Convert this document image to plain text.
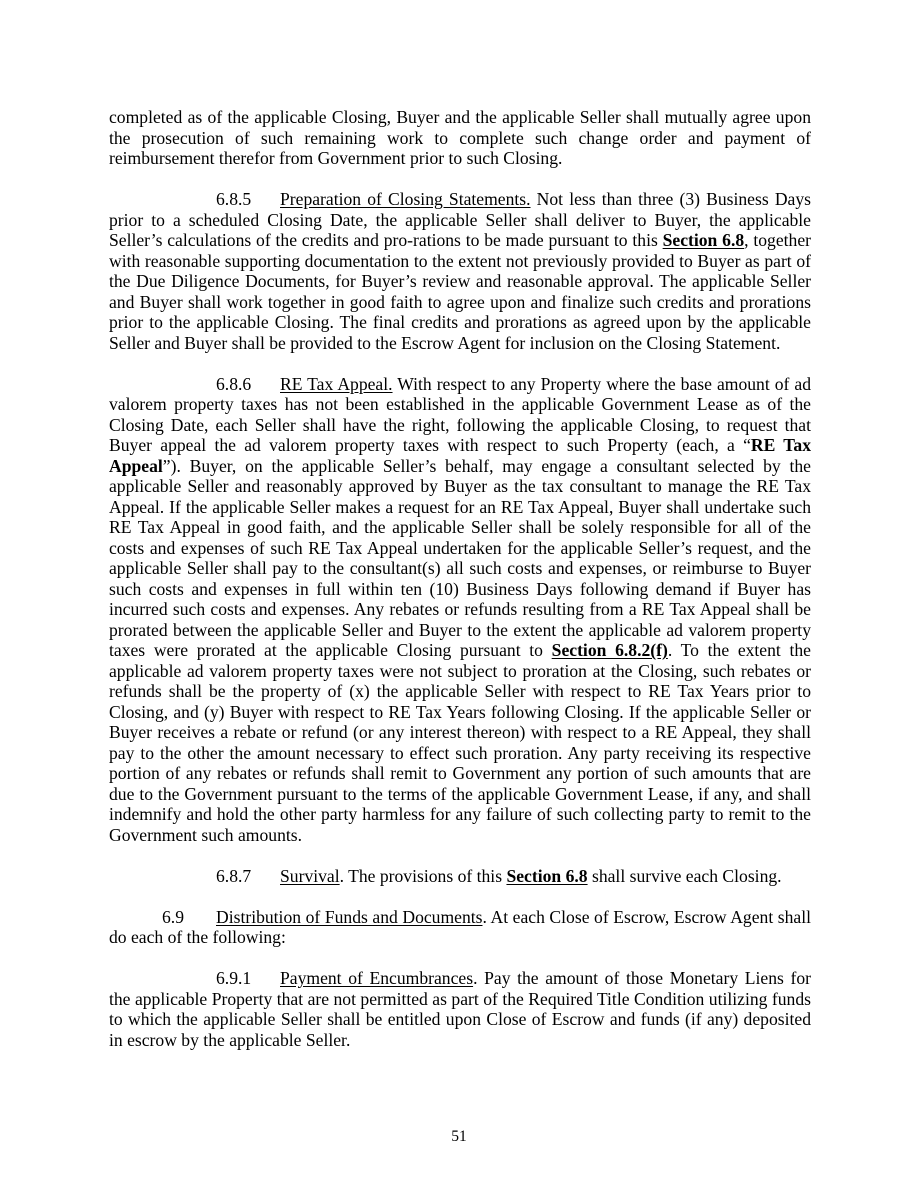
completed as of the applicable Closing, Buyer and the applicable Seller shall mutually agree upon the prosecution of such remaining work to complete such change order and payment of reimbursement therefor from Government prior to such Closing.

6.8.5 Preparation of Closing Statements. Not less than three (3) Business Days prior to a scheduled Closing Date, the applicable Seller shall deliver to Buyer, the applicable Seller’s calculations of the credits and pro-rations to be made pursuant to this Section 6.8, together with reasonable supporting documentation to the extent not previously provided to Buyer as part of the Due Diligence Documents, for Buyer’s review and reasonable approval. The applicable Seller and Buyer shall work together in good faith to agree upon and finalize such credits and prorations prior to the applicable Closing. The final credits and prorations as agreed upon by the applicable Seller and Buyer shall be provided to the Escrow Agent for inclusion on the Closing Statement.

6.8.6 RE Tax Appeal. With respect to any Property where the base amount of ad valorem property taxes has not been established in the applicable Government Lease as of the Closing Date, each Seller shall have the right, following the applicable Closing, to request that Buyer appeal the ad valorem property taxes with respect to such Property (each, a “RE Tax Appeal”). Buyer, on the applicable Seller’s behalf, may engage a consultant selected by the applicable Seller and reasonably approved by Buyer as the tax consultant to manage the RE Tax Appeal. If the applicable Seller makes a request for an RE Tax Appeal, Buyer shall undertake such RE Tax Appeal in good faith, and the applicable Seller shall be solely responsible for all of the costs and expenses of such RE Tax Appeal undertaken for the applicable Seller’s request, and the applicable Seller shall pay to the consultant(s) all such costs and expenses, or reimburse to Buyer such costs and expenses in full within ten (10) Business Days following demand if Buyer has incurred such costs and expenses. Any rebates or refunds resulting from a RE Tax Appeal shall be prorated between the applicable Seller and Buyer to the extent the applicable ad valorem property taxes were prorated at the applicable Closing pursuant to Section 6.8.2(f). To the extent the applicable ad valorem property taxes were not subject to proration at the Closing, such rebates or refunds shall be the property of (x) the applicable Seller with respect to RE Tax Years prior to Closing, and (y) Buyer with respect to RE Tax Years following Closing. If the applicable Seller or Buyer receives a rebate or refund (or any interest thereon) with respect to a RE Appeal, they shall pay to the other the amount necessary to effect such proration. Any party receiving its respective portion of any rebates or refunds shall remit to Government any portion of such amounts that are due to the Government pursuant to the terms of the applicable Government Lease, if any, and shall indemnify and hold the other party harmless for any failure of such collecting party to remit to the Government such amounts.

6.8.7 Survival. The provisions of this Section 6.8 shall survive each Closing.

6.9 Distribution of Funds and Documents. At each Close of Escrow, Escrow Agent shall do each of the following:

6.9.1 Payment of Encumbrances. Pay the amount of those Monetary Liens for the applicable Property that are not permitted as part of the Required Title Condition utilizing funds to which the applicable Seller shall be entitled upon Close of Escrow and funds (if any) deposited in escrow by the applicable Seller.

51
